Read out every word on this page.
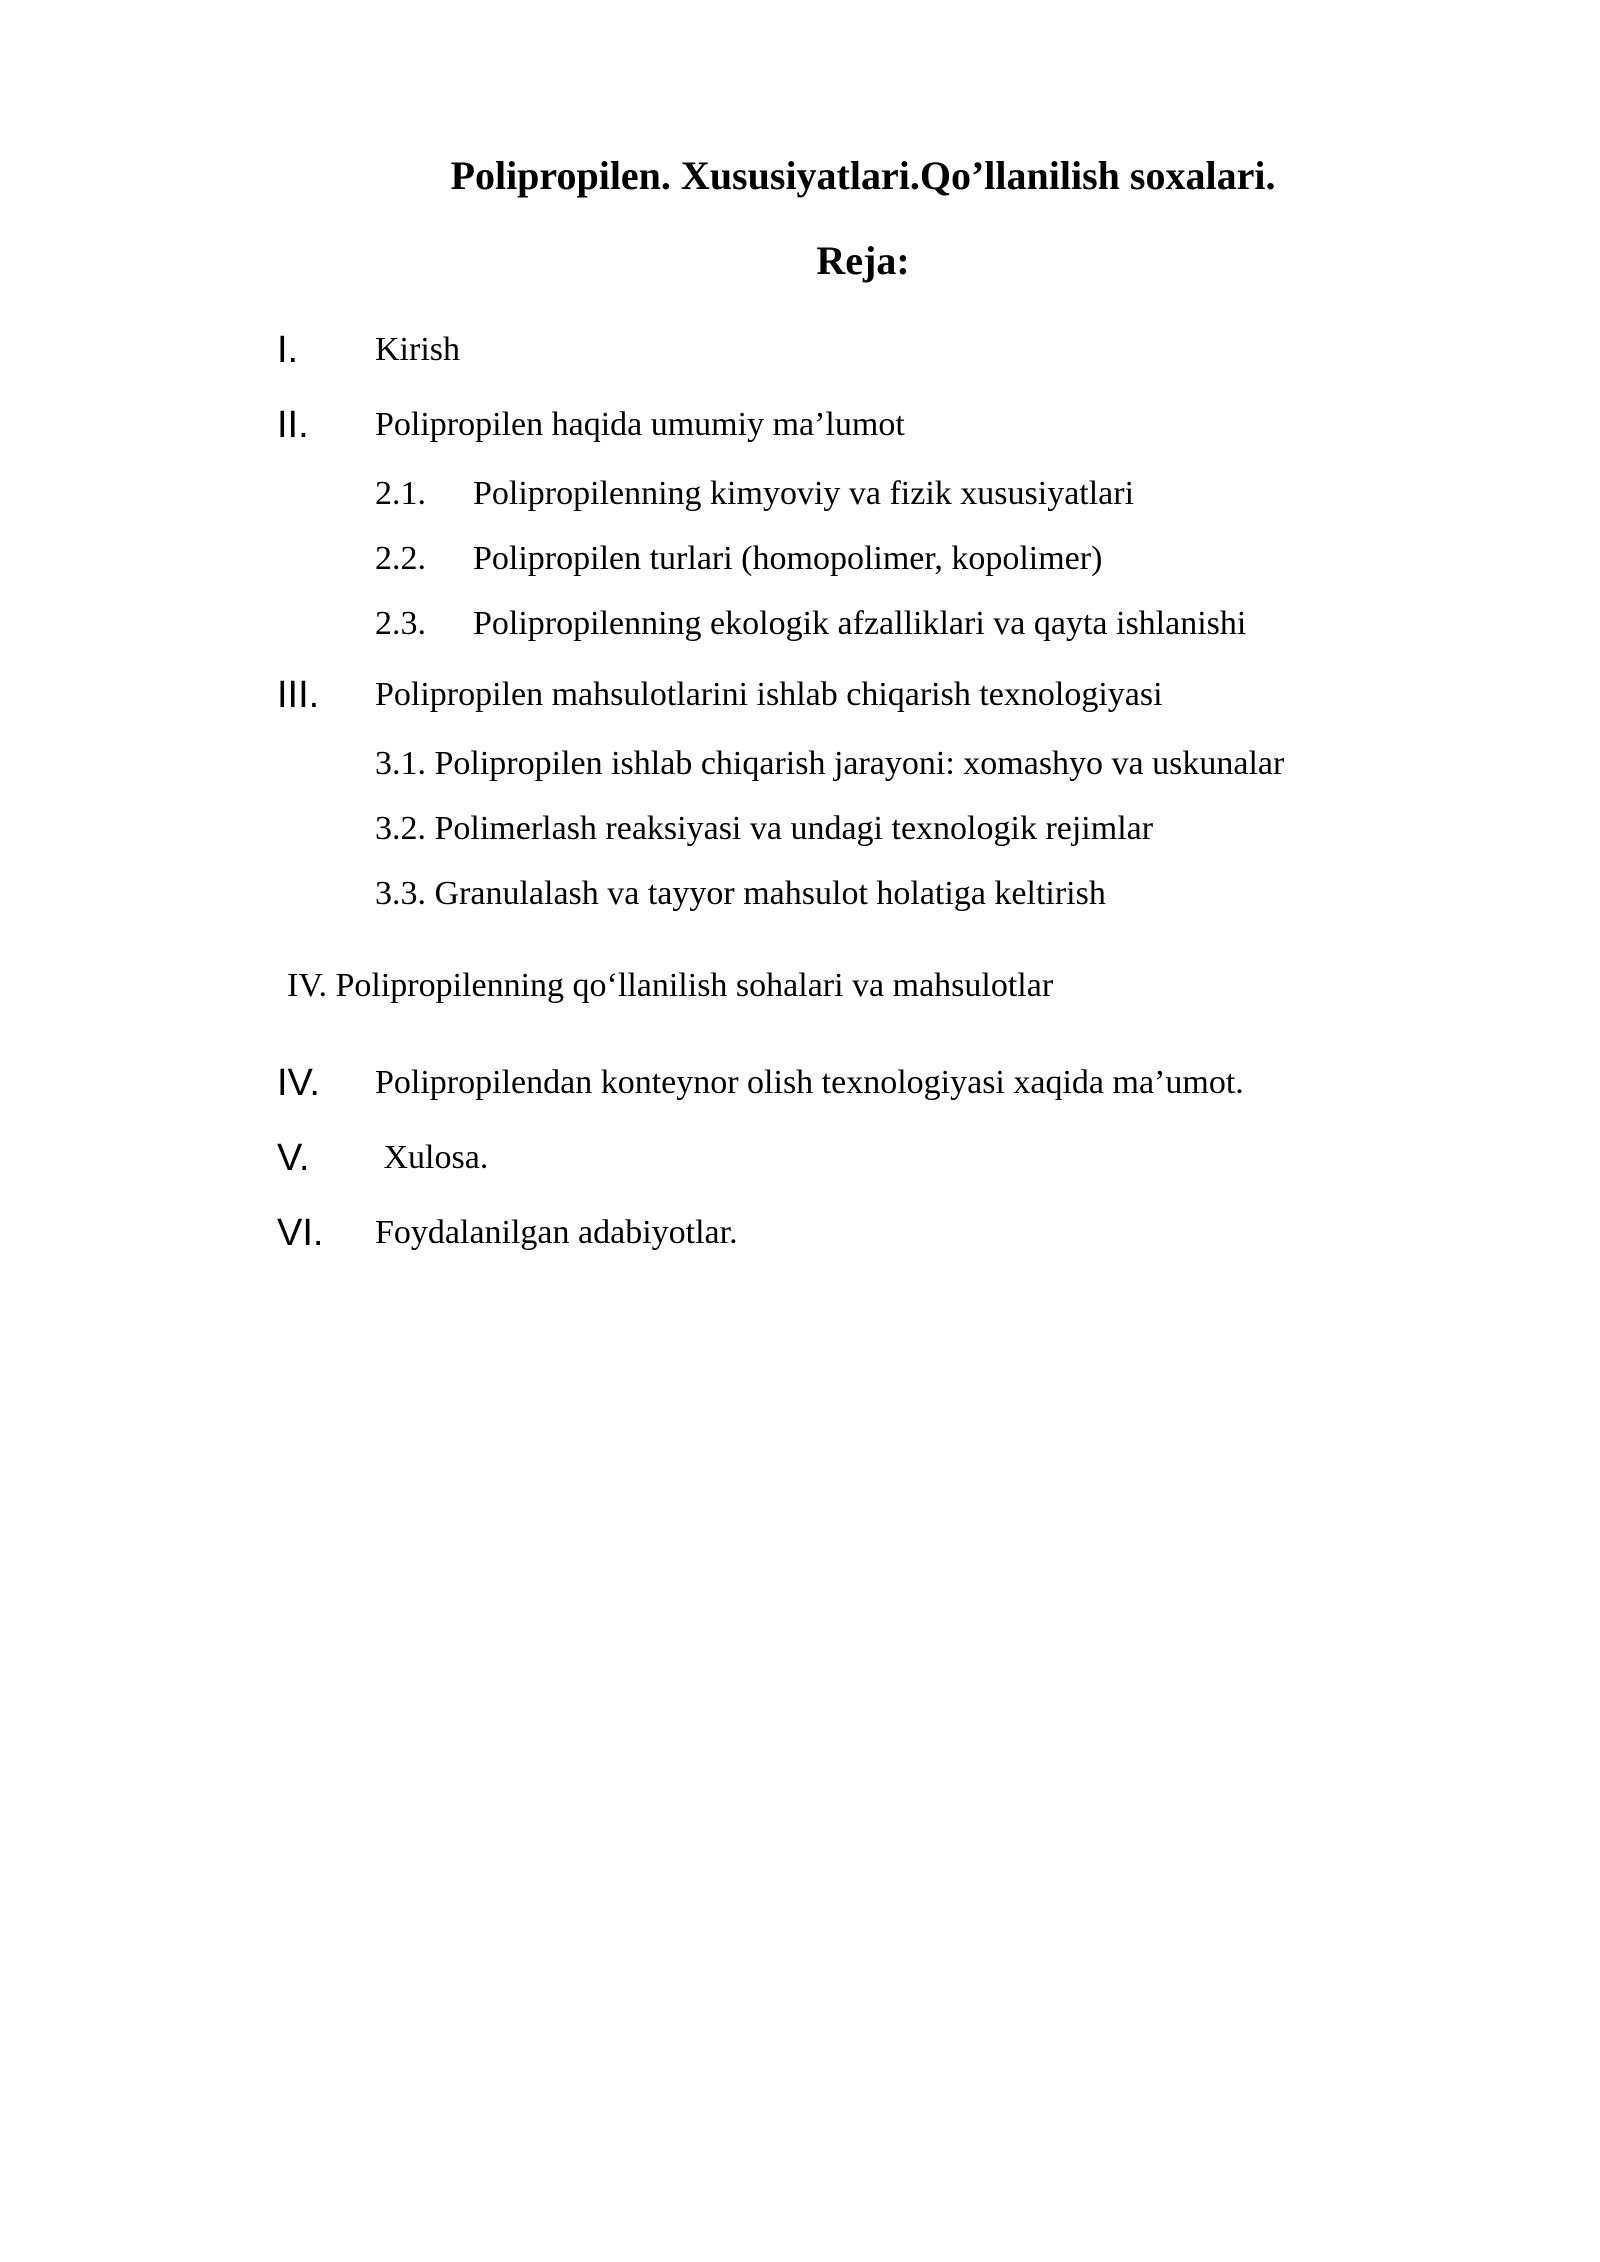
Polipropilen. Xususiyatlari.Qo’llanilish soxalari.
Reja:
I. Kirish
II. Polipropilen haqida umumiy ma’lumot
2.1. Polipropilenning kimyoviy va fizik xususiyatlari
2.2. Polipropilen turlari (homopolimer, kopolimer)
2.3. Polipropilenning ekologik afzalliklari va qayta ishlanishi
III. Polipropilen mahsulotlarini ishlab chiqarish texnologiyasi
3.1. Polipropilen ishlab chiqarish jarayoni: xomashyo va uskunalar
3.2. Polimerlash reaksiyasi va undagi texnologik rejimlar
3.3. Granulalash va tayyor mahsulot holatiga keltirish
IV. Polipropilenning qo‘llanilish sohalari va mahsulotlar
IV. Polipropilendan konteynor olish texnologiyasi xaqida ma’umot.
V. Xulosa.
VI. Foydalanilgan adabiyotlar.
